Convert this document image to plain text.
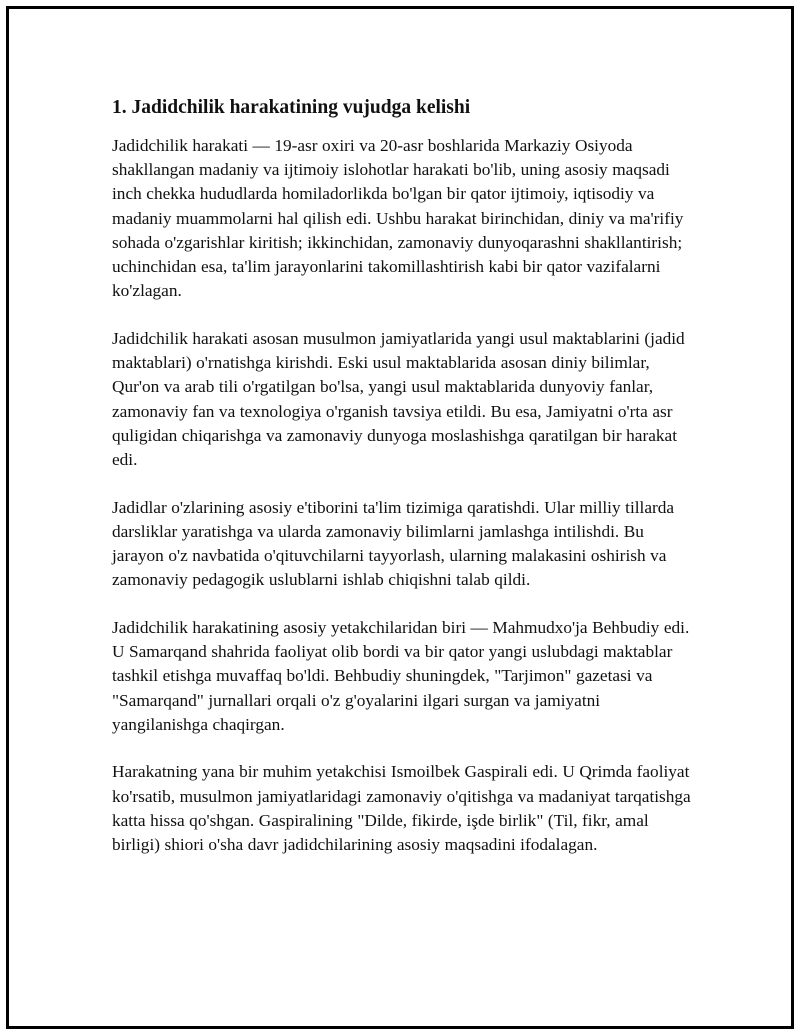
1. Jadidchilik harakatining vujudga kelishi

Jadidchilik harakati — 19-asr oxiri va 20-asr boshlarida Markaziy Osiyoda shakllangan madaniy va ijtimoiy islohotlar harakati bo'lib, uning asosiy maqsadi inch chekka hududlarda homiladorlikda bo'lgan bir qator ijtimoiy, iqtisodiy va madaniy muammolarni hal qilish edi. Ushbu harakat birinchidan, diniy va ma'rifiy sohada o'zgarishlar kiritish; ikkinchidan, zamonaviy dunyoqarashni shakllantirish; uchinchidan esa, ta'lim jarayonlarini takomillashtirish kabi bir qator vazifalarni ko'zlagan.

Jadidchilik harakati asosan musulmon jamiyatlarida yangi usul maktablarini (jadid maktablari) o'rnatishga kirishdi. Eski usul maktablarida asosan diniy bilimlar, Qur'on va arab tili o'rgatilgan bo'lsa, yangi usul maktablarida dunyoviy fanlar, zamonaviy fan va texnologiya o'rganish tavsiya etildi. Bu esa, Jamiyatni o'rta asr quligidan chiqarishga va zamonaviy dunyoga moslashishga qaratilgan bir harakat edi.

Jadidlar o'zlarining asosiy e'tiborini ta'lim tizimiga qaratishdi. Ular milliy tillarda darsliklar yaratishga va ularda zamonaviy bilimlarni jamlashga intilishdi. Bu jarayon o'z navbatida o'qituvchilarni tayyorlash, ularning malakasini oshirish va zamonaviy pedagogik uslublarni ishlab chiqishni talab qildi.

Jadidchilik harakatining asosiy yetakchilaridan biri — Mahmudxo'ja Behbudiy edi. U Samarqand shahrida faoliyat olib bordi va bir qator yangi uslubdagi maktablar tashkil etishga muvaffaq bo'ldi. Behbudiy shuningdek, "Tarjimon" gazetasi va "Samarqand" jurnallari orqali o'z g'oyalarini ilgari surgan va jamiyatni yangilanishga chaqirgan.

Harakatning yana bir muhim yetakchisi Ismoilbek Gaspirali edi. U Qrimda faoliyat ko'rsatib, musulmon jamiyatlaridagi zamonaviy o'qitishga va madaniyat tarqatishga katta hissa qo'shgan. Gaspiralining "Dilde, fikirde, işde birlik" (Til, fikr, amal birligi) shiori o'sha davr jadidchilarining asosiy maqsadini ifodalagan.
